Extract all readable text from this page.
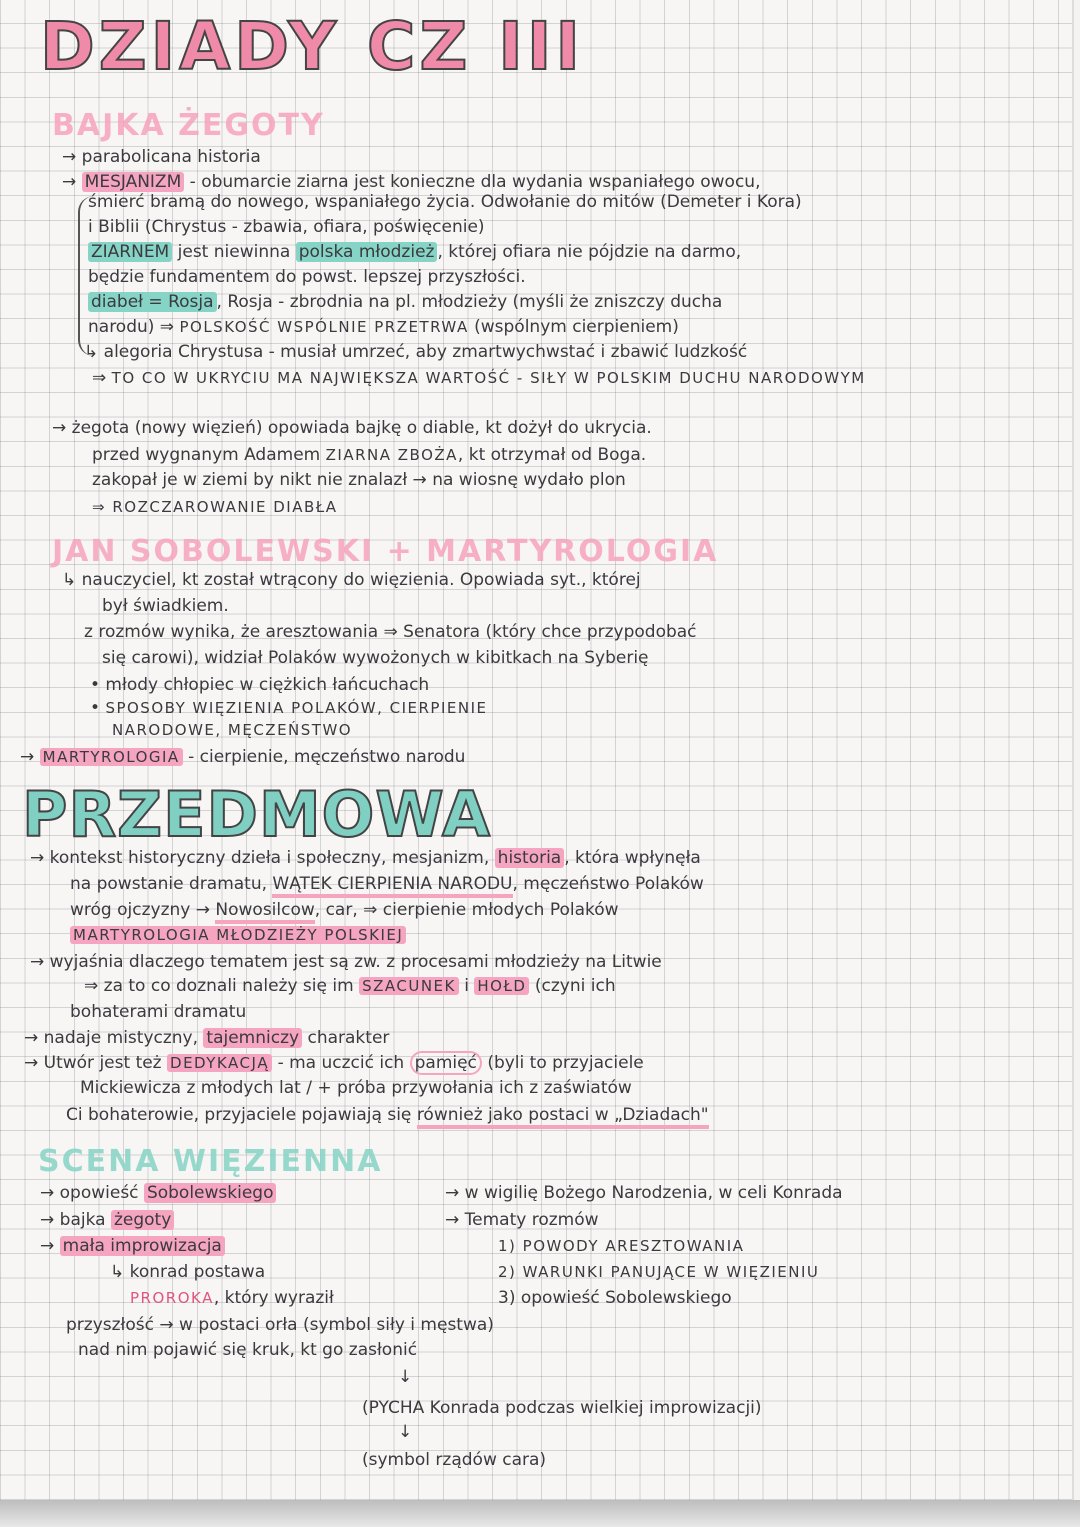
DZIADY CZ III
BAJKA ŻEGOTY
JAN SOBOLEWSKI + MARTYROLOGIA
PRZEDMOWA
SCENA WIĘZIENNA
→ parabolicana historia
→ MESJANIZM - obumarcie ziarna jest konieczne dla wydania wspaniałego owocu,
śmierć bramą do nowego, wspaniałego życia. Odwołanie do mitów (Demeter i Kora)
i Biblii (Chrystus - zbawia, ofiara, poświęcenie)
ZIARNEM jest niewinna polska młodzież , której ofiara nie pójdzie na darmo,
będzie fundamentem do powst. lepszej przyszłości.
diabeł = Rosja , Rosja - zbrodnia na pl. młodzieży (myśli że zniszczy ducha
narodu) ⇒ POLSKOŚĆ WSPÓLNIE PRZETRWA (wspólnym cierpieniem)
↳ alegoria Chrystusa - musiał umrzeć, aby zmartwychwstać i zbawić ludzkość
⇒ TO CO W UKRYCIU MA NAJWIĘKSZA WARTOŚĆ - SIŁY W POLSKIM DUCHU NARODOWYM
→ żegota (nowy więzień) opowiada bajkę o diable, kt dożył do ukrycia.
przed wygnanym Adamem ZIARNA ZBOŻA, kt otrzymał od Boga.
zakopał je w ziemi by nikt nie znalazł → na wiosnę wydało plon
⇒ ROZCZAROWANIE DIABŁA
↳ nauczyciel, kt został wtrącony do więzienia. Opowiada syt., której
był świadkiem.
z rozmów wynika, że aresztowania ⇒ Senatora (który chce przypodobać
się carowi), widział Polaków wywożonych w kibitkach na Syberię
• młody chłopiec w ciężkich łańcuchach
• SPOSOBY WIĘZIENIA POLAKÓW, CIERPIENIE
NARODOWE, MĘCZEŃSTWO
→ MARTYROLOGIA - cierpienie, męczeństwo narodu
→ kontekst historyczny dzieła i społeczny, mesjanizm, historia , która wpłynęła
na powstanie dramatu, WĄTEK CIERPIENIA NARODU, męczeństwo Polaków
wróg ojczyzny → Nowosilcow, car, ⇒ cierpienie młodych Polaków
MARTYROLOGIA MŁODZIEŻY POLSKIEJ
→ wyjaśnia dlaczego tematem jest są zw. z procesami młodzieży na Litwie
⇒ za to co doznali należy się im SZACUNEK i HOŁD (czyni ich
bohaterami dramatu
→ nadaje mistyczny, tajemniczy charakter
→ Utwór jest też DEDYKACJĄ - ma uczcić ich pamięć (byli to przyjaciele
Mickiewicza z młodych lat / + próba przywołania ich z zaświatów
Ci bohaterowie, przyjaciele pojawiają się również jako postaci w „Dziadach"
→ opowieść Sobolewskiego
→ bajka żegoty
→ mała improwizacja
↳ konrad postawa
PROROKA, który wyraził
→ w wigilię Bożego Narodzenia, w celi Konrada
→ Tematy rozmów
1) POWODY ARESZTOWANIA
2) WARUNKI PANUJĄCE W WIĘZIENIU
3) opowieść Sobolewskiego
przyszłość → w postaci orła (symbol siły i męstwa)
nad nim pojawić się kruk, kt go zasłonić
↓
(PYCHA Konrada podczas wielkiej improwizacji)
↓
(symbol rządów cara)
